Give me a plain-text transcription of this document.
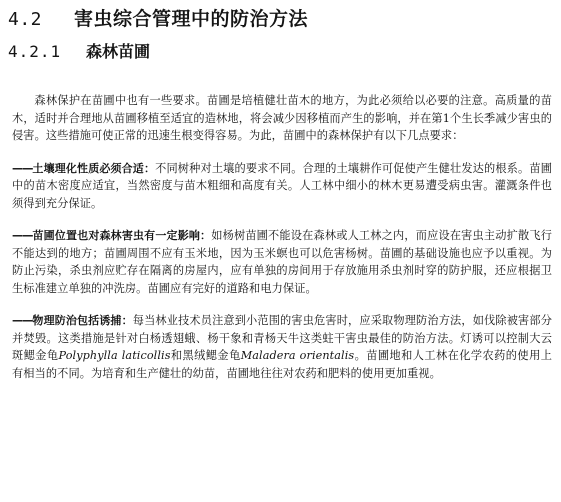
4.2 害虫综合管理中的防治方法
4.2.1 森林苗圃

森林保护在苗圃中也有一些要求。苗圃是培植健壮苗木的地方，为此必须给以必要的注意。高质量的苗木，适时并合理地从苗圃移植至适宜的造林地，将会减少因移植而产生的影响，并在第1个生长季减少害虫的侵害。这些措施可使正常的迅速生根变得容易。为此，苗圃中的森林保护有以下几点要求：

——土壤理化性质必须合适：不同树种对土壤的要求不同。合理的土壤耕作可促使产生健壮发达的根系。苗圃中的苗木密度应适宜，当然密度与苗木粗细和高度有关。人工林中细小的林木更易遭受病虫害。灌溉条件也须得到充分保证。

——苗圃位置也对森林害虫有一定影响：如杨树苗圃不能设在森林或人工林之内，而应设在害虫主动扩散飞行不能达到的地方；苗圃周围不应有玉米地，因为玉米螟也可以危害杨树。苗圃的基础设施也应予以重视。为防止污染，杀虫剂应贮存在隔离的房屋内，应有单独的房间用于存放施用杀虫剂时穿的防护服，还应根据卫生标准建立单独的冲洗房。苗圃应有完好的道路和电力保证。

——物理防治包括诱捕：每当林业技术员注意到小范围的害虫危害时，应采取物理防治方法，如伐除被害部分并焚毁。这类措施是针对白杨透翅蛾、杨干象和青杨天牛这类蛀干害虫最佳的防治方法。灯诱可以控制大云斑鳃金龟Polyphylla laticollis和黑绒鳃金龟Maladera orientalis。苗圃地和人工林在化学农药的使用上有相当的不同。为培育和生产健壮的幼苗，苗圃地往往对农药和肥料的使用更加重视。
